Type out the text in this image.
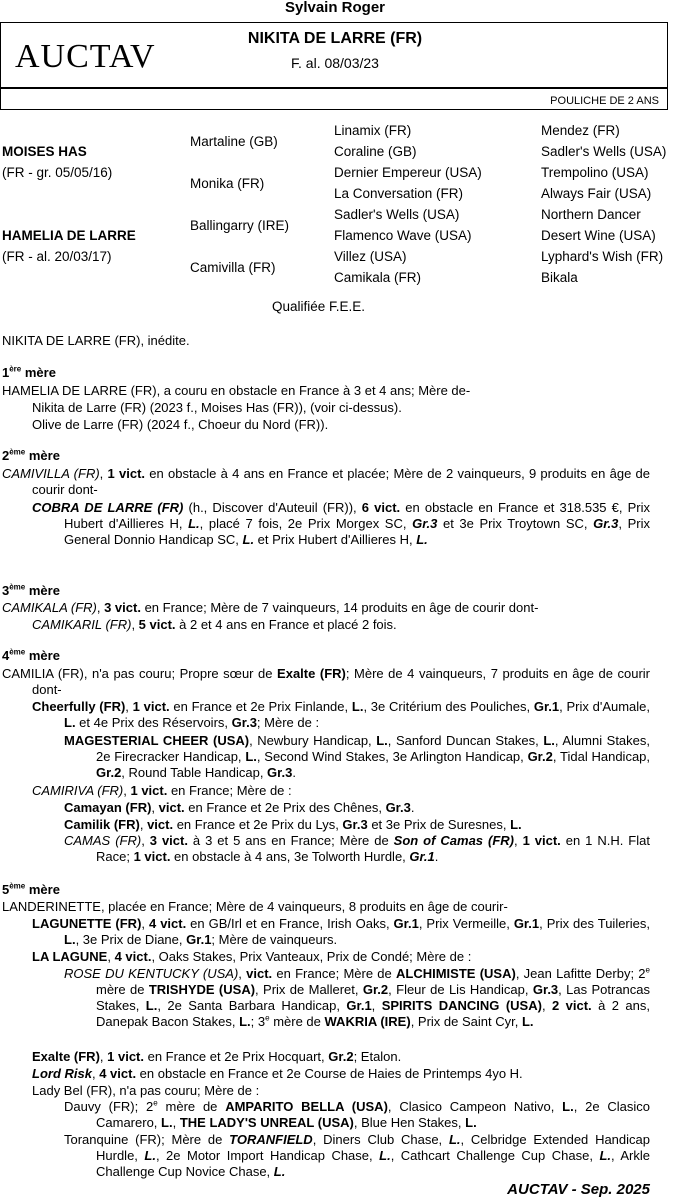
Sylvain Roger
AUCTAV	NIKITA DE LARRE (FR)
F. al. 08/03/23
POULICHE DE 2 ANS
MOISES HAS
(FR - gr. 05/05/16)
HAMELIA DE LARRE
(FR - al. 20/03/17)
Martaline (GB)
Monika (FR)
Ballingarry (IRE)
Camivilla (FR)
Linamix (FR)
Coraline (GB)
Dernier Empereur (USA)
La Conversation (FR)
Sadler's Wells (USA)
Flamenco Wave (USA)
Villez (USA)
Camikala (FR)
Mendez (FR)
Sadler's Wells (USA)
Trempolino (USA)
Always Fair (USA)
Northern Dancer
Desert Wine (USA)
Lyphard's Wish (FR)
Bikala
Qualifiée F.E.E.
NIKITA DE LARRE (FR), inédite.
1ère mère
HAMELIA DE LARRE (FR), a couru en obstacle en France à 3 et 4 ans; Mère de-
Nikita de Larre (FR) (2023 f., Moises Has (FR)), (voir ci-dessus).
Olive de Larre (FR) (2024 f., Choeur du Nord (FR)).
2ème mère
CAMIVILLA (FR), 1 vict. en obstacle à 4 ans en France et placée; Mère de 2 vainqueurs, 9 produits en âge de courir dont-
COBRA DE LARRE (FR) (h., Discover d'Auteuil (FR)), 6 vict. en obstacle en France et 318.535 €, Prix Hubert d'Aillieres H, L., placé 7 fois, 2e Prix Morgex SC, Gr.3 et 3e Prix Troytown SC, Gr.3, Prix General Donnio Handicap SC, L. et Prix Hubert d'Aillieres H, L.
3ème mère
CAMIKALA (FR), 3 vict. en France; Mère de 7 vainqueurs, 14 produits en âge de courir dont-
CAMIKARIL (FR), 5 vict. à 2 et 4 ans en France et placé 2 fois.
4ème mère
CAMILIA (FR), n'a pas couru; Propre sœur de Exalte (FR); Mère de 4 vainqueurs, 7 produits en âge de courir dont-
Cheerfully (FR), 1 vict. en France et 2e Prix Finlande, L., 3e Critérium des Pouliches, Gr.1, Prix d'Aumale, L. et 4e Prix des Réservoirs, Gr.3; Mère de :
MAGESTERIAL CHEER (USA), Newbury Handicap, L., Sanford Duncan Stakes, L., Alumni Stakes, 2e Firecracker Handicap, L., Second Wind Stakes, 3e Arlington Handicap, Gr.2, Tidal Handicap, Gr.2, Round Table Handicap, Gr.3.
CAMIRIVA (FR), 1 vict. en France; Mère de :
Camayan (FR), vict. en France et 2e Prix des Chênes, Gr.3.
Camilik (FR), vict. en France et 2e Prix du Lys, Gr.3 et 3e Prix de Suresnes, L.
CAMAS (FR), 3 vict. à 3 et 5 ans en France; Mère de Son of Camas (FR), 1 vict. en 1 N.H. Flat Race; 1 vict. en obstacle à 4 ans, 3e Tolworth Hurdle, Gr.1.
5ème mère
LANDERINETTE, placée en France; Mère de 4 vainqueurs, 8 produits en âge de courir-
LAGUNETTE (FR), 4 vict. en GB/Irl et en France, Irish Oaks, Gr.1, Prix Vermeille, Gr.1, Prix des Tuileries, L., 3e Prix de Diane, Gr.1; Mère de vainqueurs.
LA LAGUNE, 4 vict., Oaks Stakes, Prix Vanteaux, Prix de Condé; Mère de :
ROSE DU KENTUCKY (USA), vict. en France; Mère de ALCHIMISTE (USA), Jean Lafitte Derby; 2e mère de TRISHYDE (USA), Prix de Malleret, Gr.2, Fleur de Lis Handicap, Gr.3, Las Potrancas Stakes, L., 2e Santa Barbara Handicap, Gr.1, SPIRITS DANCING (USA), 2 vict. à 2 ans, Danepak Bacon Stakes, L.; 3e mère de WAKRIA (IRE), Prix de Saint Cyr, L.
Exalte (FR), 1 vict. en France et 2e Prix Hocquart, Gr.2; Etalon.
Lord Risk, 4 vict. en obstacle en France et 2e Course de Haies de Printemps 4yo H.
Lady Bel (FR), n'a pas couru; Mère de :
Dauvy (FR); 2e mère de AMPARITO BELLA (USA), Clasico Campeon Nativo, L., 2e Clasico Camarero, L., THE LADY'S UNREAL (USA), Blue Hen Stakes, L.
Toranquine (FR); Mère de TORANFIELD, Diners Club Chase, L., Celbridge Extended Handicap Hurdle, L., 2e Motor Import Handicap Chase, L., Cathcart Challenge Cup Chase, L., Arkle Challenge Cup Novice Chase, L.
AUCTAV - Sep. 2025
